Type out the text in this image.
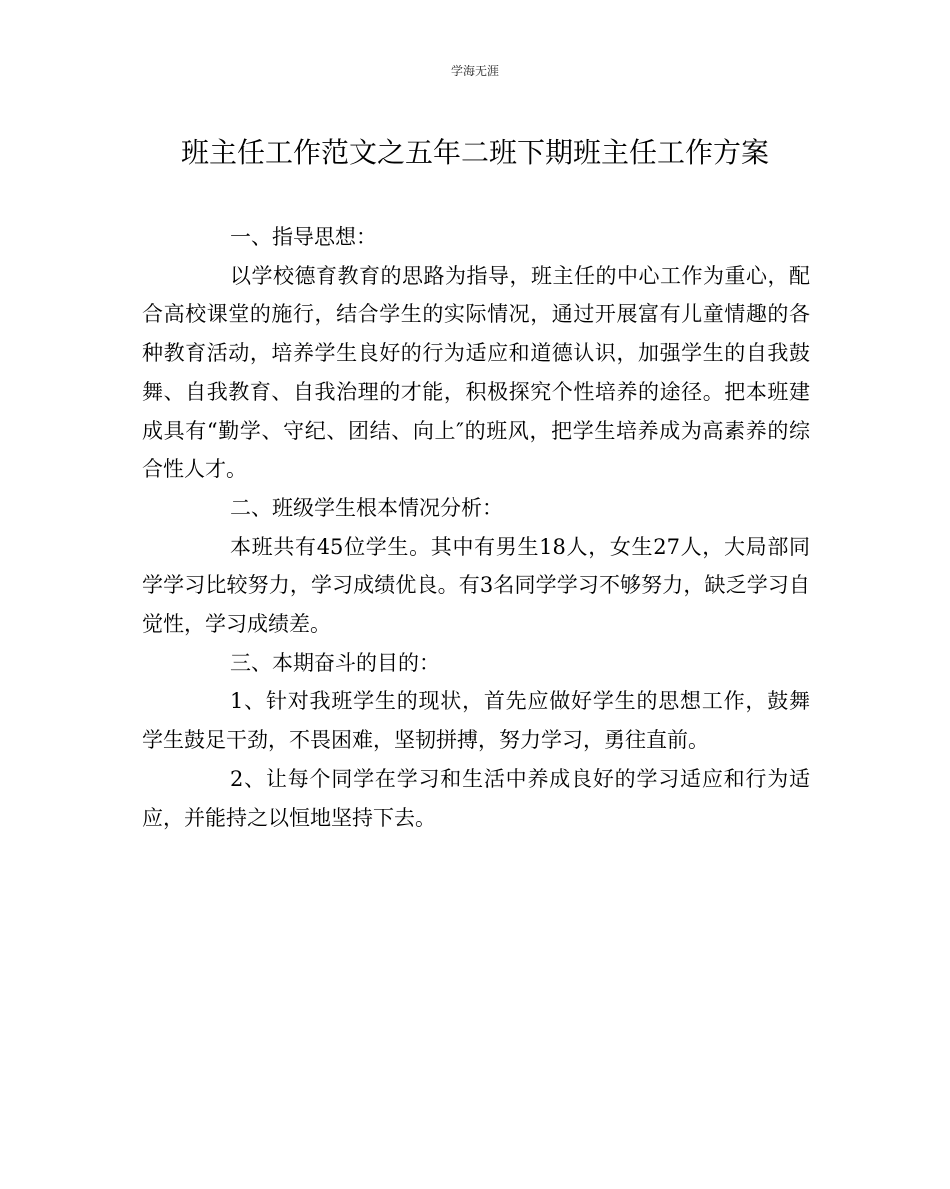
学海无涯
班主任工作范文之五年二班下期班主任工作方案

一、指导思想：

以学校德育教育的思路为指导，班主任的中心工作为重心，配合高校课堂的施行，结合学生的实际情况，通过开展富有儿童情趣的各种教育活动，培养学生良好的行为适应和道德认识，加强学生的自我鼓舞、自我教育、自我治理的才能，积极探究个性培养的途径。把本班建成具有“勤学、守纪、团结、向上″的班风，把学生培养成为高素养的综合性人才。

二、班级学生根本情况分析：

本班共有45位学生。其中有男生18人，女生27人，大局部同学学习比较努力，学习成绩优良。有3名同学学习不够努力，缺乏学习自觉性，学习成绩差。

三、本期奋斗的目的：

1、针对我班学生的现状，首先应做好学生的思想工作，鼓舞学生鼓足干劲，不畏困难，坚韧拼搏，努力学习，勇往直前。

2、让每个同学在学习和生活中养成良好的学习适应和行为适应，并能持之以恒地坚持下去。
